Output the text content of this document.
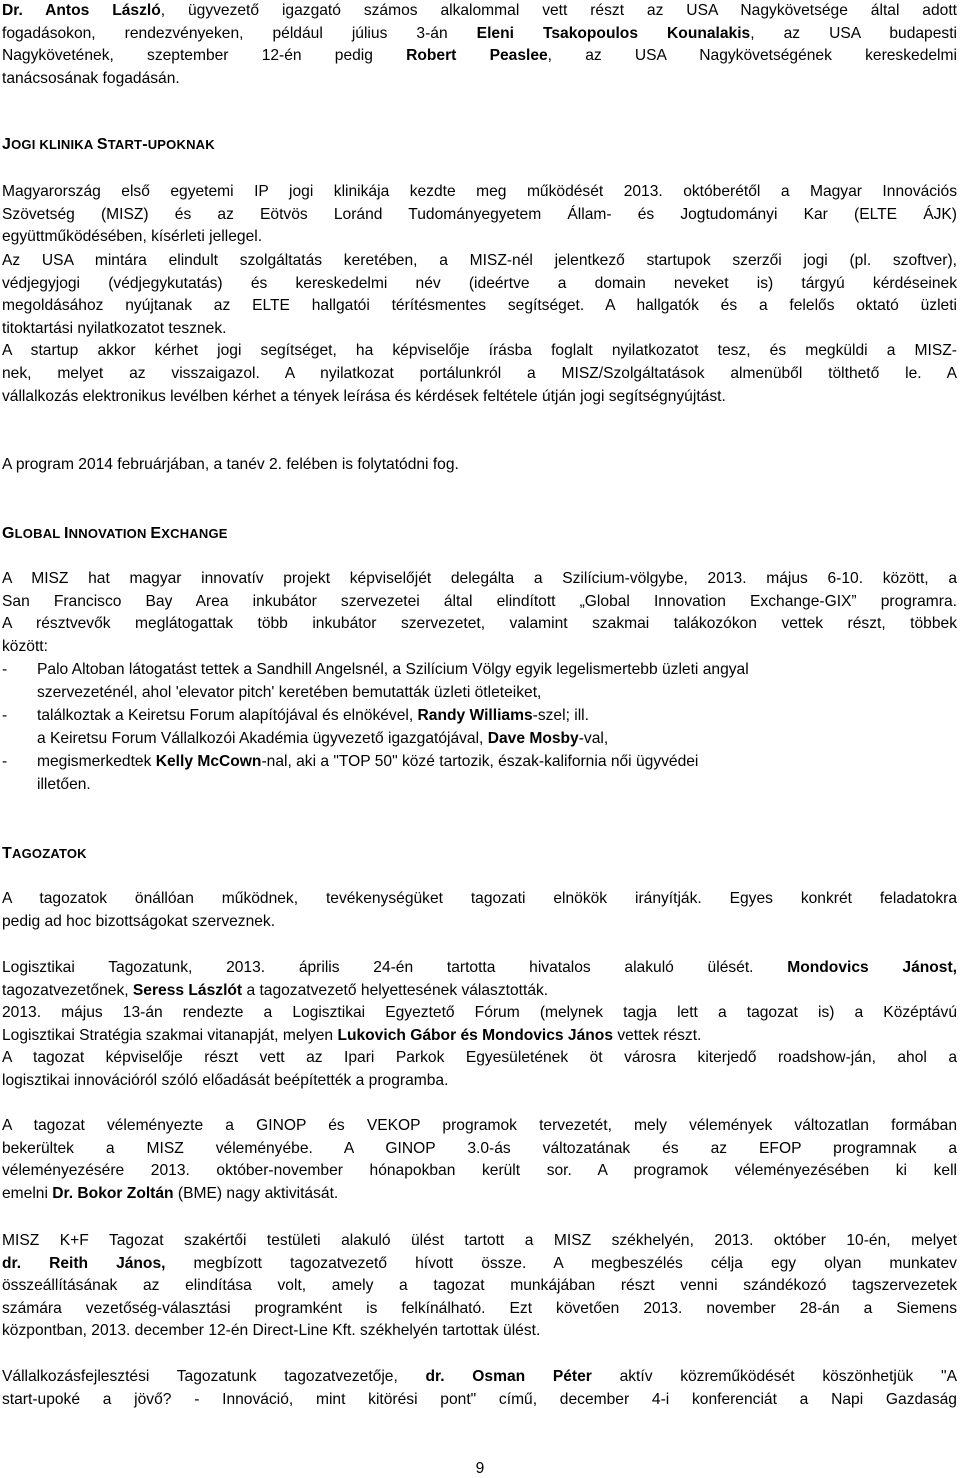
Dr. Antos László, ügyvezető igazgató számos alkalommal vett részt az USA Nagykövetsége által adott
fogadásokon, rendezvényeken, például július 3-án Eleni Tsakopoulos Kounalakis, az USA budapesti
Nagykövetének, szeptember 12-én pedig Robert Peaslee, az USA Nagykövetségének kereskedelmi
tanácsosának fogadásán.
JOGI KLINIKA START-UPOKNAK
Magyarország első egyetemi IP jogi klinikája kezdte meg működését 2013. októberétől a Magyar Innovációs
Szövetség (MISZ) és az Eötvös Loránd Tudományegyetem Állam- és Jogtudományi Kar (ELTE ÁJK)
együttműködésében, kísérleti jellegel.
Az USA mintára elindult szolgáltatás keretében, a MISZ-nél jelentkező startupok szerzői jogi (pl. szoftver),
védjegyjogi (védjegykutatás) és kereskedelmi név (ideértve a domain neveket is) tárgyú kérdéseinek
megoldásához nyújtanak az ELTE hallgatói térítésmentes segítséget. A hallgatók és a felelős oktató üzleti
titoktartási nyilatkozatot tesznek.
A startup akkor kérhet jogi segítséget, ha képviselője írásba foglalt nyilatkozatot tesz, és megküldi a MISZ-
nek, melyet az visszaigazol. A nyilatkozat portálunkról a MISZ/Szolgáltatások almenüből tölthető le. A
vállalkozás elektronikus levélben kérhet a tények leírása és kérdések feltétele útján jogi segítségnyújtást.
A program 2014 februárjában, a tanév 2. felében is folytatódni fog.
GLOBAL INNOVATION EXCHANGE
A MISZ hat magyar innovatív projekt képviselőjét delegálta a Szilícium-völgybe, 2013. május 6-10. között, a
San Francisco Bay Area inkubátor szervezetei által elindított „Global Innovation Exchange-GIX” programra.
A résztvevők meglátogattak több inkubátor szervezetet, valamint szakmai talákozókon vettek részt, többek
között:
- Palo Altoban látogatást tettek a Sandhill Angelsnél, a Szilícium Völgy egyik legelismertebb üzleti angyal
szervezeténél, ahol 'elevator pitch' keretében bemutatták üzleti ötleteiket,
- találkoztak a Keiretsu Forum alapítójával és elnökével, Randy Williams-szel; ill.
a Keiretsu Forum Vállalkozói Akadémia ügyvezető igazgatójával, Dave Mosby-val,
- megismerkedtek Kelly McCown-nal, aki a "TOP 50" közé tartozik, észak-kalifornia női ügyvédei
illetően.
TAGOZATOK
A tagozatok önállóan működnek, tevékenységüket tagozati elnökök irányítják. Egyes konkrét feladatokra
pedig ad hoc bizottságokat szerveznek.
Logisztikai Tagozatunk, 2013. április 24-én tartotta hivatalos alakuló ülését. Mondovics Jánost,
tagozatvezetőnek, Seress Lászlót a tagozatvezető helyettesének választották.
2013. május 13-án rendezte a Logisztikai Egyeztető Fórum (melynek tagja lett a tagozat is) a Középtávú
Logisztikai Stratégia szakmai vitanapját, melyen Lukovich Gábor és Mondovics János vettek részt.
A tagozat képviselője részt vett az Ipari Parkok Egyesületének öt városra kiterjedő roadshow-ján, ahol a
logisztikai innovációról szóló előadását beépítették a programba.
A tagozat véleményezte a GINOP és VEKOP programok tervezetét, mely vélemények változatlan formában
bekerültek a MISZ véleményébe. A GINOP 3.0-ás változatának és az EFOP programnak a
véleményezésére 2013. október-november hónapokban került sor. A programok véleményezésében ki kell
emelni Dr. Bokor Zoltán (BME) nagy aktivitását.
MISZ K+F Tagozat szakértői testületi alakuló ülést tartott a MISZ székhelyén, 2013. október 10-én, melyet
dr. Reith János, megbízott tagozatvezető hívott össze. A megbeszélés célja egy olyan munkatev
összeállításának az elindítása volt, amely a tagozat munkájában részt venni szándékozó tagszervezetek
számára vezetőség-választási programként is felkínálható. Ezt követően 2013. november 28-án a Siemens
központban, 2013. december 12-én Direct-Line Kft. székhelyén tartottak ülést.
Vállalkozásfejlesztési Tagozatunk tagozatvezetője, dr. Osman Péter aktív közreműködését köszönhetjük "A
start-upoké a jövő? - Innováció, mint kitörési pont" című, december 4-i konferenciát a Napi Gazdaság
9
